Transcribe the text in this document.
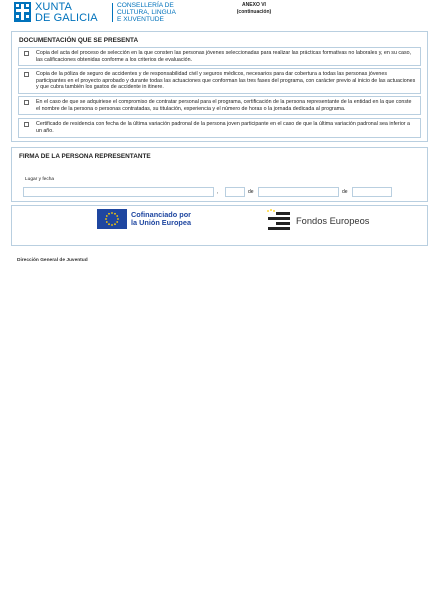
XUNTA
DE GALICIA
CONSELLERÍA DE
CULTURA, LINGUA
E XUVENTUDE
ANEXO VI
(continuación)
DOCUMENTACIÓN QUE SE PRESENTA
Copia del acta del proceso de selección en la que consten las personas jóvenes seleccionadas para realizar las prácticas formativas no laborales y, en su caso, las calificaciones obtenidas conforme a los criterios de evaluación.
Copia de la póliza de seguro de accidentes y de responsabilidad civil y seguros médicos, necesarios para dar cobertura a todas las personas jóvenes participantes en el proyecto aprobado y durante todas las actuaciones que conforman las tres fases del programa, con carácter previo al inicio de las actuaciones y que cubra también los gastos de accidente in itinere.
En el caso de que se adquiriese el compromiso de contratar personal para el programa, certificación de la persona representante de la entidad en la que conste el nombre de la persona o personas contratadas, su titulación, experiencia y el número de horas o la jornada dedicada al programa.
Certificado de residencia con fecha de la última variación padronal de la persona joven participante en el caso de que la última variación padronal sea inferior a un año.
FIRMA DE LA PERSONA REPRESENTANTE
Lugar y fecha
,	de	de
Cofinanciado por
la Unión Europea	Fondos Europeos
Dirección General de Juventud
